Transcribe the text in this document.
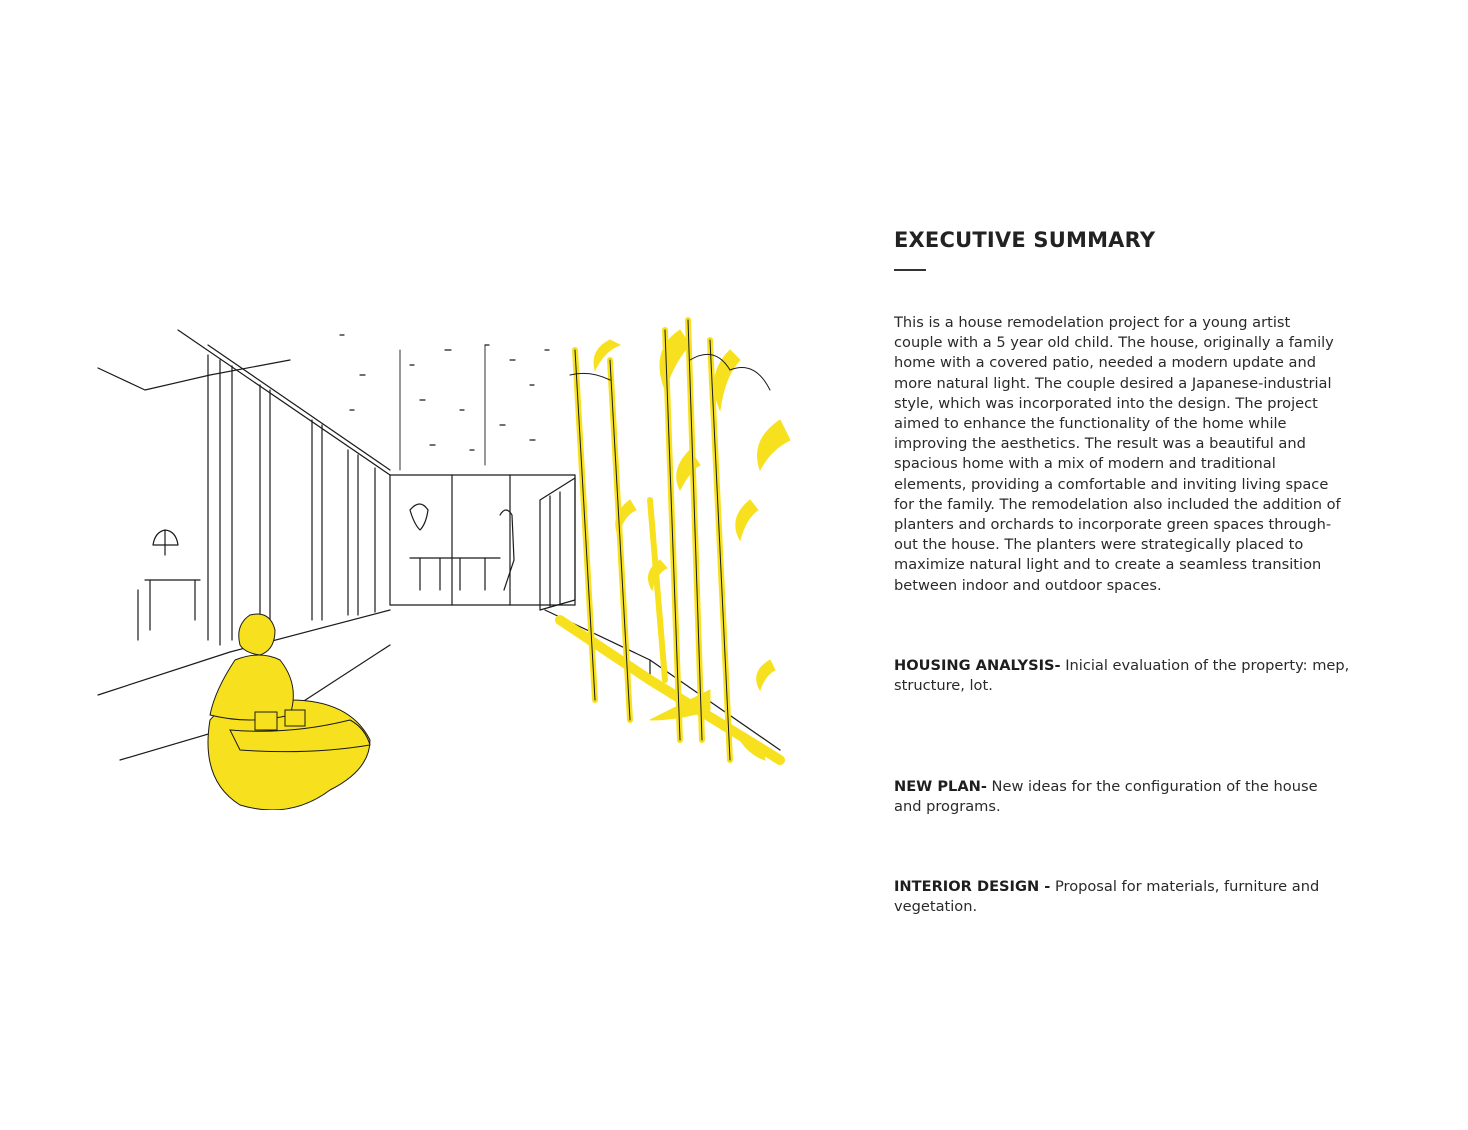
EXECUTIVE SUMMARY

This is a house remodelation project for a young artist
couple with a 5 year old child. The house, originally a family
home with a covered patio, needed a modern update and
more natural light. The couple desired a Japanese-industrial
style, which was incorporated into the design. The project
aimed to enhance the functionality of the home while
improving the aesthetics. The result was a beautiful and
spacious home with a mix of modern and traditional
elements, providing a comfortable and inviting living space
for the family. The remodelation also included the addition of
planters and orchards to incorporate green spaces through-
out the house. The planters were strategically placed to
maximize natural light and to create a seamless transition
between indoor and outdoor spaces.

HOUSING ANALYSIS- Inicial evaluation of the property: mep,
structure, lot.

NEW PLAN- New ideas for the configuration of the house
and programs.

INTERIOR DESIGN - Proposal for materials, furniture and
vegetation.
